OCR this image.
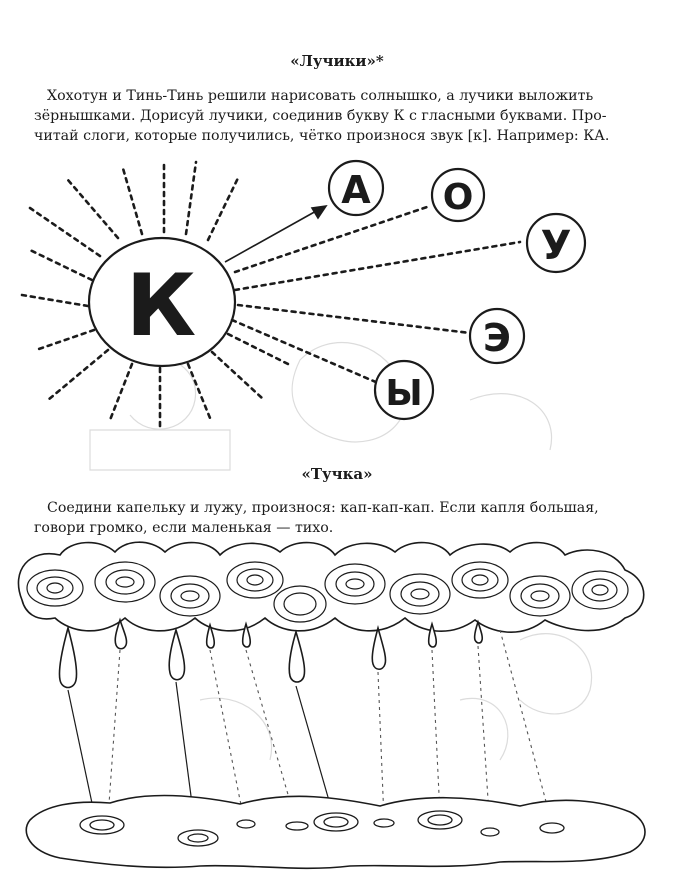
«Лучики»*
Хохотун и Тинь-Тинь решили нарисовать солнышко, а лучики выложить
зёрнышками. Дорисуй лучики, соединив букву К с гласными буквами. Про-
читай слоги, которые получились, чётко произнося звук [к]. Например: КА.
К
А О
У
Э
Ы
«Тучка»
Соедини капельку и лужу, произнося: кап-кап-кап. Если капля большая,
говори громко, если маленькая — тихо.
